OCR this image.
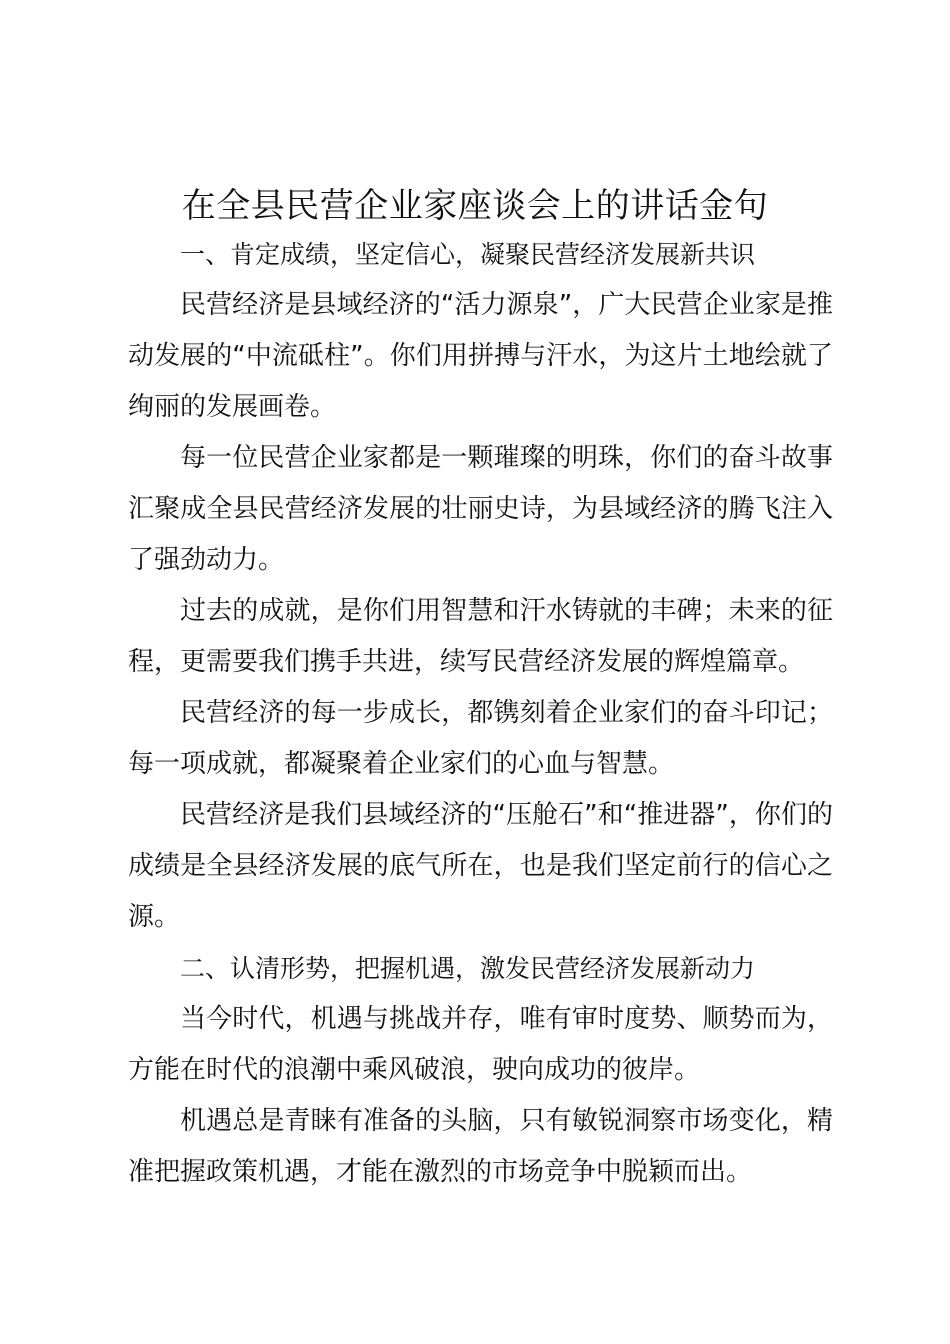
在全县民营企业家座谈会上的讲话金句

一、肯定成绩，坚定信心，凝聚民营经济发展新共识

民营经济是县域经济的“活力源泉”，广大民营企业家是推动发展的“中流砥柱”。你们用拼搏与汗水，为这片土地绘就了绚丽的发展画卷。

每一位民营企业家都是一颗璀璨的明珠，你们的奋斗故事汇聚成全县民营经济发展的壮丽史诗，为县域经济的腾飞注入了强劲动力。

过去的成就，是你们用智慧和汗水铸就的丰碑；未来的征程，更需要我们携手共进，续写民营经济发展的辉煌篇章。

民营经济的每一步成长，都镌刻着企业家们的奋斗印记；每一项成就，都凝聚着企业家们的心血与智慧。

民营经济是我们县域经济的“压舱石”和“推进器”，你们的成绩是全县经济发展的底气所在，也是我们坚定前行的信心之源。

二、认清形势，把握机遇，激发民营经济发展新动力

当今时代，机遇与挑战并存，唯有审时度势、顺势而为，方能在时代的浪潮中乘风破浪，驶向成功的彼岸。

机遇总是青睐有准备的头脑，只有敏锐洞察市场变化，精准把握政策机遇，才能在激烈的市场竞争中脱颖而出。
